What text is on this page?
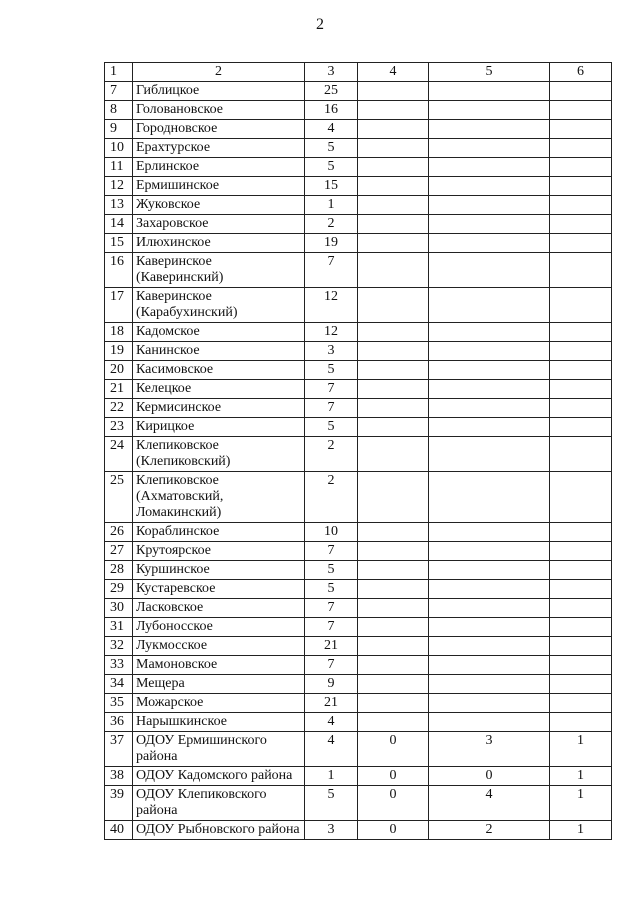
2
1	2	3	4	5	6
7	Гиблицкое	25			
8	Головановское	16			
9	Городновское	4			
10	Ерахтурское	5			
11	Ерлинское	5			
12	Ермишинское	15			
13	Жуковское	1			
14	Захаровское	2			
15	Илюхинское	19			
16	Каверинское (Каверинский)	7			
17	Каверинское (Карабухинский)	12			
18	Кадомское	12			
19	Канинское	3			
20	Касимовское	5			
21	Келецкое	7			
22	Кермисинское	7			
23	Кирицкое	5			
24	Клепиковское (Клепиковский)	2			
25	Клепиковское (Ахматовский, Ломакинский)	2			
26	Кораблинское	10			
27	Крутоярское	7			
28	Куршинское	5			
29	Кустаревское	5			
30	Ласковское	7			
31	Лубоносское	7			
32	Лукмосское	21			
33	Мамоновское	7			
34	Мещера	9			
35	Можарское	21			
36	Нарышкинское	4			
37	ОДОУ Ермишинского района	4	0	3	1
38	ОДОУ Кадомского района	1	0	0	1
39	ОДОУ Клепиковского района	5	0	4	1
40	ОДОУ Рыбновского района	3	0	2	1
